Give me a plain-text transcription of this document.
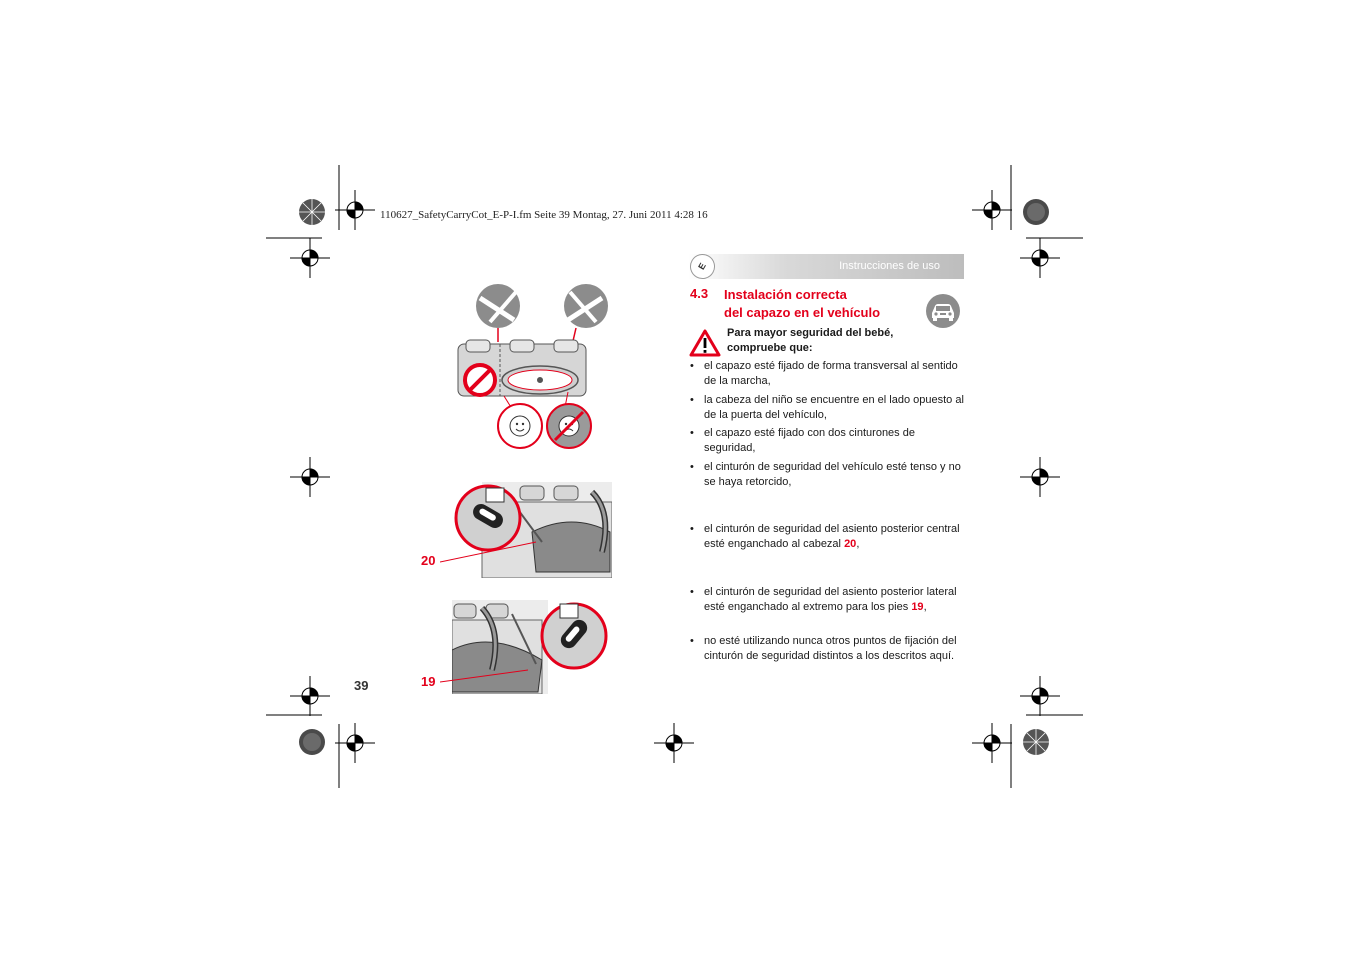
110627_SafetyCarryCot_E-P-I.fm Seite 39 Montag, 27. Juni 2011 4:28 16
Instrucciones de uso
E
4.3 Instalación correcta
del capazo en el vehículo
Para mayor seguridad del bebé,
compruebe que:
• el capazo esté fijado de forma transversal al sentido de la marcha,
• la cabeza del niño se encuentre en el lado opuesto al de la puerta del vehículo,
• el capazo esté fijado con dos cinturones de seguridad,
• el cinturón de seguridad del vehículo esté tenso y no se haya retorcido,
• el cinturón de seguridad del asiento posterior central esté enganchado al cabezal 20,
• el cinturón de seguridad del asiento posterior lateral esté enganchado al extremo para los pies 19,
• no esté utilizando nunca otros puntos de fijación del cinturón de seguridad distintos a los descritos aquí.
20
19
39
